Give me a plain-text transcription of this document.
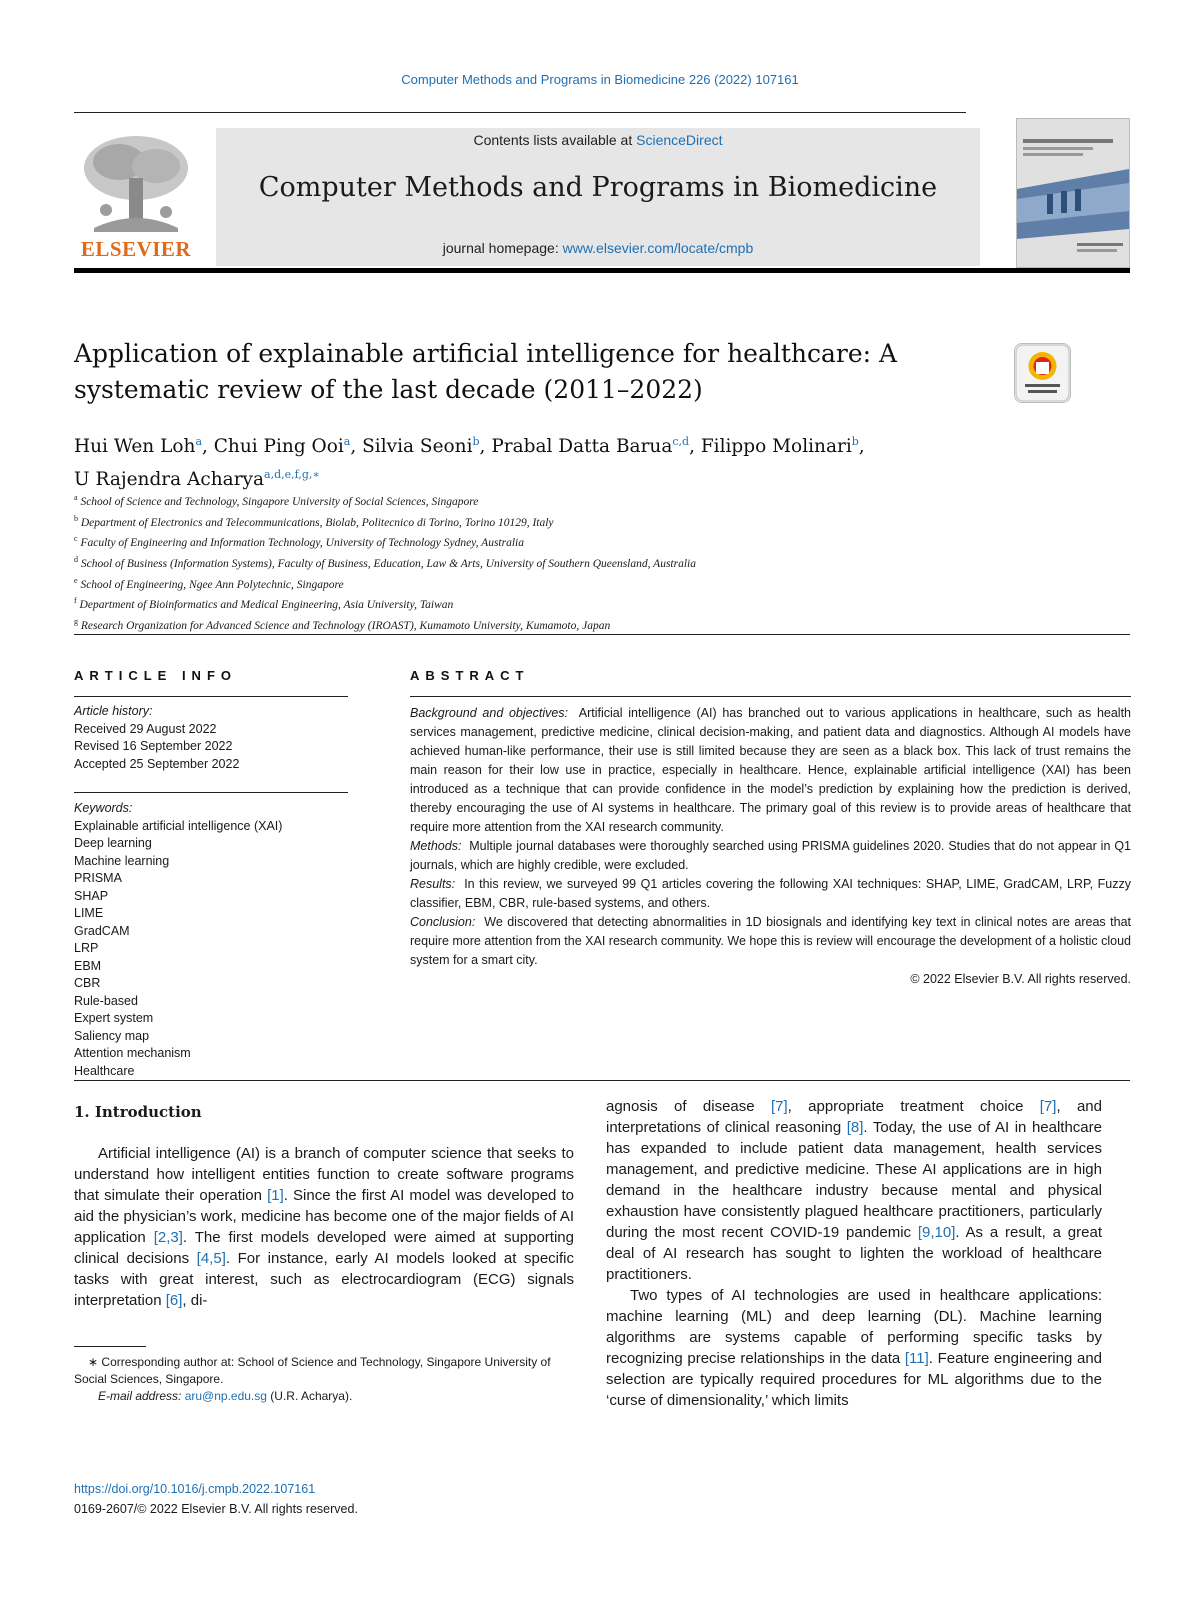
Computer Methods and Programs in Biomedicine 226 (2022) 107161
ELSEVIER
Contents lists available at ScienceDirect
Computer Methods and Programs in Biomedicine
journal homepage: www.elsevier.com/locate/cmpb
Application of explainable artificial intelligence for healthcare: A systematic review of the last decade (2011–2022)
Hui Wen Loh$^a$, Chui Ping Ooi$^a$, Silvia Seoni$^b$, Prabal Datta Barua$^{c,d}$, Filippo Molinari$^b$,
U Rajendra Acharya$^{a,d,e,f,g,∗}$
$^a$ School of Science and Technology, Singapore University of Social Sciences, Singapore
$^b$ Department of Electronics and Telecommunications, Biolab, Politecnico di Torino, Torino 10129, Italy
$^c$ Faculty of Engineering and Information Technology, University of Technology Sydney, Australia
$^d$ School of Business (Information Systems), Faculty of Business, Education, Law & Arts, University of Southern Queensland, Australia
$^e$ School of Engineering, Ngee Ann Polytechnic, Singapore
$^f$ Department of Bioinformatics and Medical Engineering, Asia University, Taiwan
$^g$ Research Organization for Advanced Science and Technology (IROAST), Kumamoto University, Kumamoto, Japan
ARTICLE INFO
Article history:
Received 29 August 2022
Revised 16 September 2022
Accepted 25 September 2022
Keywords:
Explainable artificial intelligence (XAI)
Deep learning
Machine learning
PRISMA
SHAP
LIME
GradCAM
LRP
EBM
CBR
Rule-based
Expert system
Saliency map
Attention mechanism
Healthcare
ABSTRACT
Background and objectives: Artificial intelligence (AI) has branched out to various applications in healthcare, such as health services management, predictive medicine, clinical decision-making, and patient data and diagnostics. Although AI models have achieved human-like performance, their use is still limited because they are seen as a black box. This lack of trust remains the main reason for their low use in practice, especially in healthcare. Hence, explainable artificial intelligence (XAI) has been introduced as a technique that can provide confidence in the model’s prediction by explaining how the prediction is derived, thereby encouraging the use of AI systems in healthcare. The primary goal of this review is to provide areas of healthcare that require more attention from the XAI research community.
Methods: Multiple journal databases were thoroughly searched using PRISMA guidelines 2020. Studies that do not appear in Q1 journals, which are highly credible, were excluded.
Results: In this review, we surveyed 99 Q1 articles covering the following XAI techniques: SHAP, LIME, GradCAM, LRP, Fuzzy classifier, EBM, CBR, rule-based systems, and others.
Conclusion: We discovered that detecting abnormalities in 1D biosignals and identifying key text in clinical notes are areas that require more attention from the XAI research community. We hope this is review will encourage the development of a holistic cloud system for a smart city.
© 2022 Elsevier B.V. All rights reserved.
1. Introduction
Artificial intelligence (AI) is a branch of computer science that seeks to understand how intelligent entities function to create software programs that simulate their operation [1]. Since the first AI model was developed to aid the physician’s work, medicine has become one of the major fields of AI application [2,3]. The first models developed were aimed at supporting clinical decisions [4,5]. For instance, early AI models looked at specific tasks with great interest, such as electrocardiogram (ECG) signals interpretation [6], di-
∗ Corresponding author at: School of Science and Technology, Singapore University of Social Sciences, Singapore.
E-mail address: aru@np.edu.sg (U.R. Acharya).
agnosis of disease [7], appropriate treatment choice [7], and interpretations of clinical reasoning [8]. Today, the use of AI in healthcare has expanded to include patient data management, health services management, and predictive medicine. These AI applications are in high demand in the healthcare industry because mental and physical exhaustion have consistently plagued healthcare practitioners, particularly during the most recent COVID-19 pandemic [9,10]. As a result, a great deal of AI research has sought to lighten the workload of healthcare practitioners.
Two types of AI technologies are used in healthcare applications: machine learning (ML) and deep learning (DL). Machine learning algorithms are systems capable of performing specific tasks by recognizing precise relationships in the data [11]. Feature engineering and selection are typically required procedures for ML algorithms due to the ‘curse of dimensionality,’ which limits
https://doi.org/10.1016/j.cmpb.2022.107161
0169-2607/© 2022 Elsevier B.V. All rights reserved.
